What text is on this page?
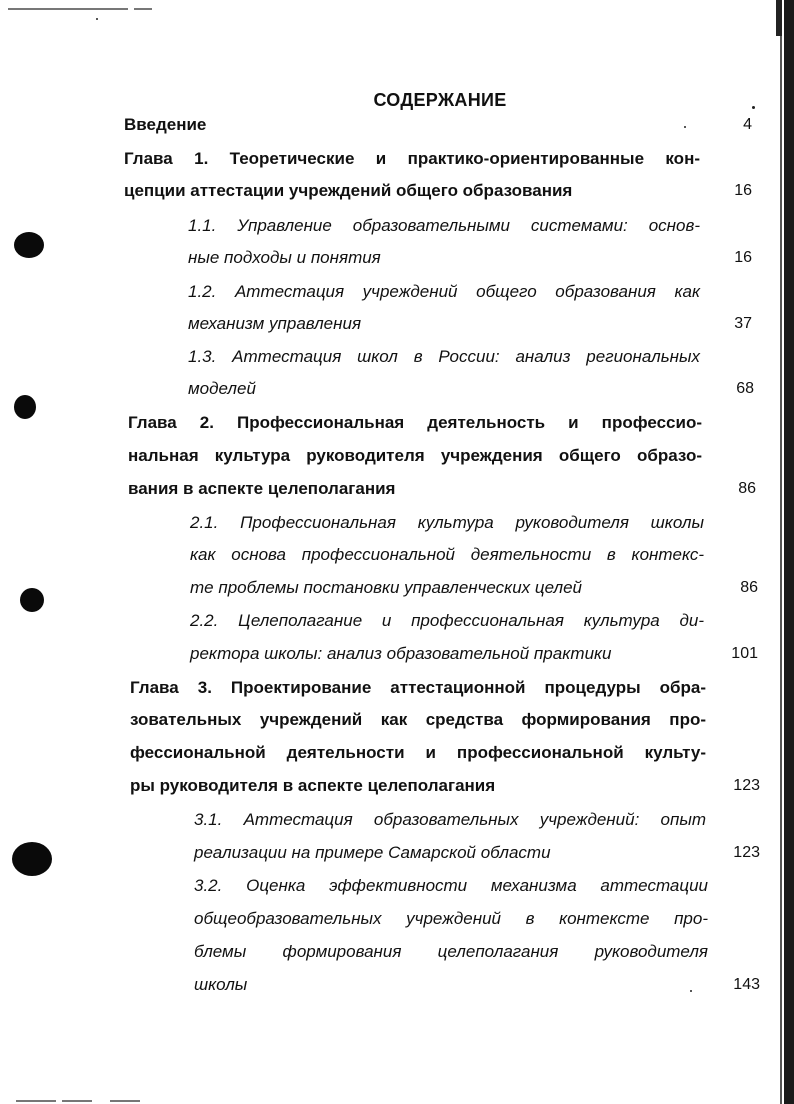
СОДЕРЖАНИЕ
Введение	4
Глава 1. Теоретические и практико-ориентированные кон-
цепции аттестации учреждений общего образования	16
1.1. Управление образовательными системами: основ-
ные подходы и понятия	16
1.2. Аттестация учреждений общего образования как
механизм управления	37
1.3. Аттестация школ в России: анализ региональных
моделей	68
Глава 2. Профессиональная деятельность и профессио-
нальная культура руководителя учреждения общего образо-
вания в аспекте целеполагания	86
2.1. Профессиональная культура руководителя школы
как основа профессиональной деятельности в контекс-
те проблемы постановки управленческих целей	86
2.2. Целеполагание и профессиональная культура ди-
ректора школы: анализ образовательной практики	101
Глава 3. Проектирование аттестационной процедуры обра-
зовательных учреждений как средства формирования про-
фессиональной деятельности и профессиональной культу-
ры руководителя в аспекте целеполагания	123
3.1. Аттестация образовательных учреждений: опыт
реализации на примере Самарской области	123
3.2. Оценка эффективности механизма аттестации
общеобразовательных учреждений в контексте про-
блемы формирования целеполагания руководителя
школы	143
